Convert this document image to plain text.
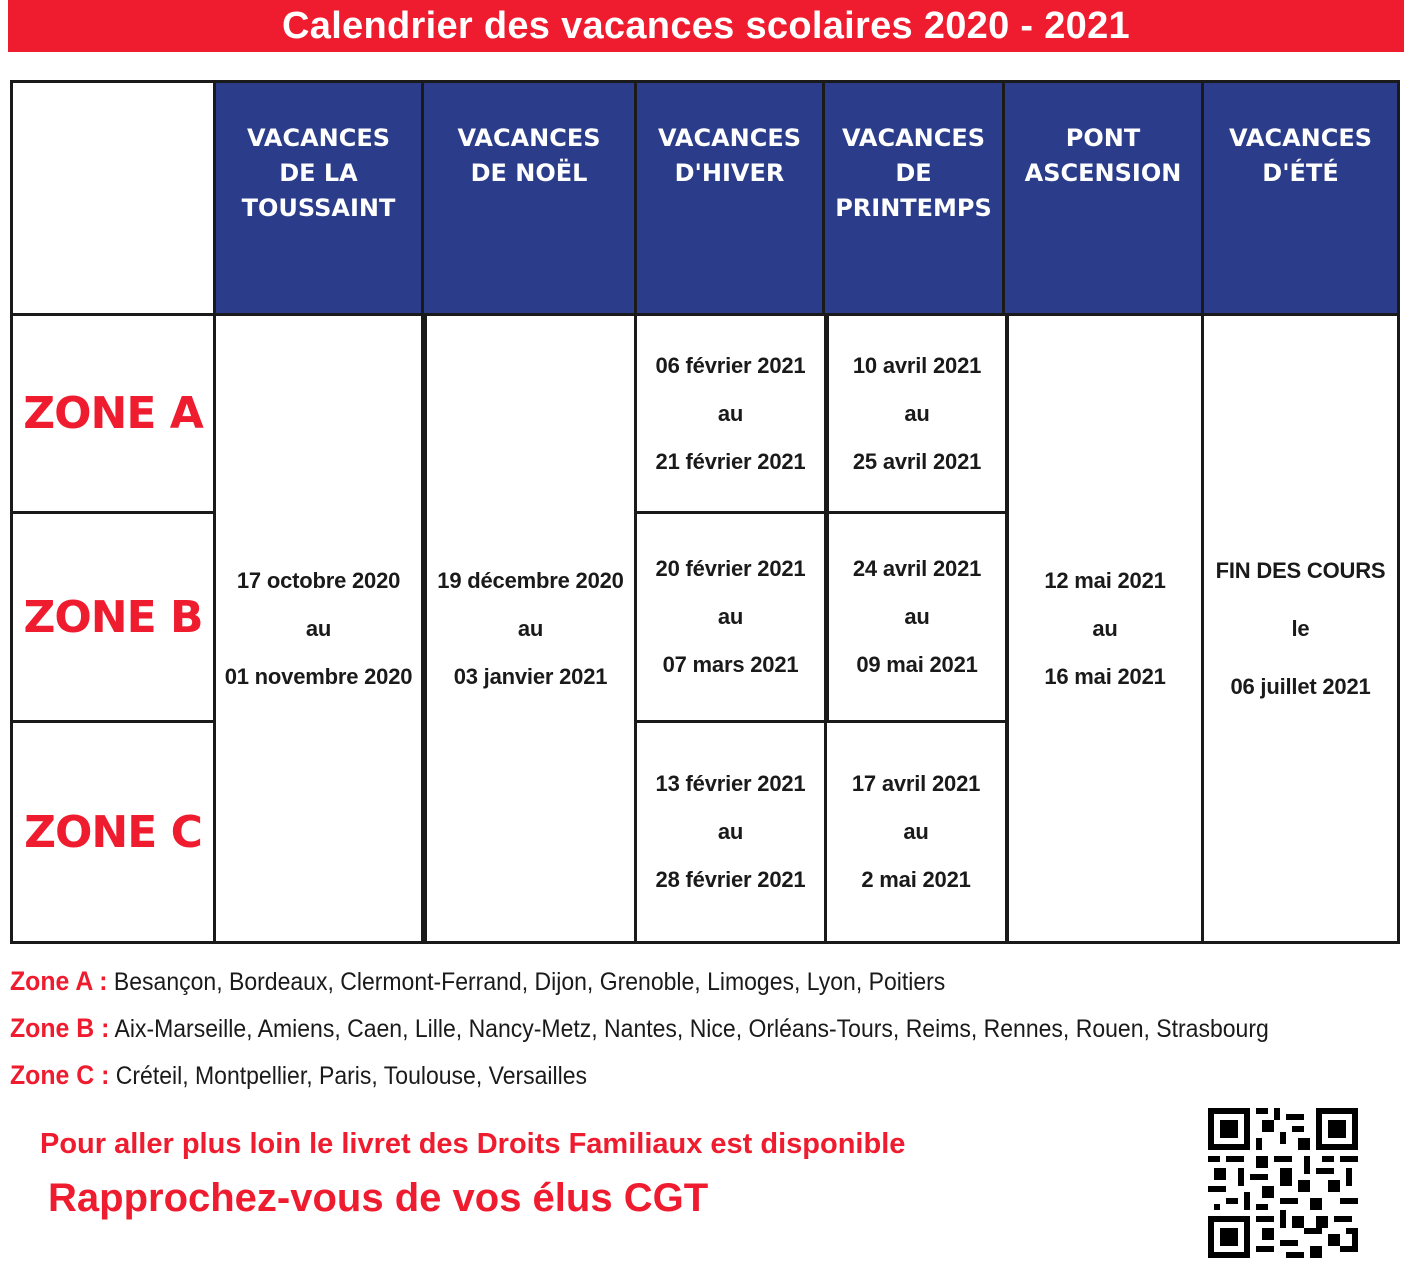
Calendrier des vacances scolaires 2020 - 2021
VACANCES
DE LA
TOUSSAINT
VACANCES
DE NOËL
VACANCES
D'HIVER
VACANCES
DE
PRINTEMPS
PONT
ASCENSION
VACANCES
D'ÉTÉ
ZONE A
ZONE B
ZONE C
17 octobre 2020
au
01 novembre 2020
19 décembre 2020
au
03 janvier 2021
06 février 2021
au
21 février 2021
20 février 2021
au
07 mars 2021
13 février 2021
au
28 février 2021
10 avril 2021
au
25 avril 2021
24 avril 2021
au
09 mai 2021
17 avril 2021
au
2 mai 2021
12 mai 2021
au
16 mai 2021
FIN DES COURS
le
06 juillet 2021
Zone A : Besançon, Bordeaux, Clermont-Ferrand, Dijon, Grenoble, Limoges, Lyon, Poitiers
Zone B : Aix-Marseille, Amiens, Caen, Lille, Nancy-Metz, Nantes, Nice, Orléans-Tours, Reims, Rennes, Rouen, Strasbourg
Zone C : Créteil, Montpellier, Paris, Toulouse, Versailles
Pour aller plus loin le livret des Droits Familiaux est disponible
Rapprochez-vous de vos élus CGT
